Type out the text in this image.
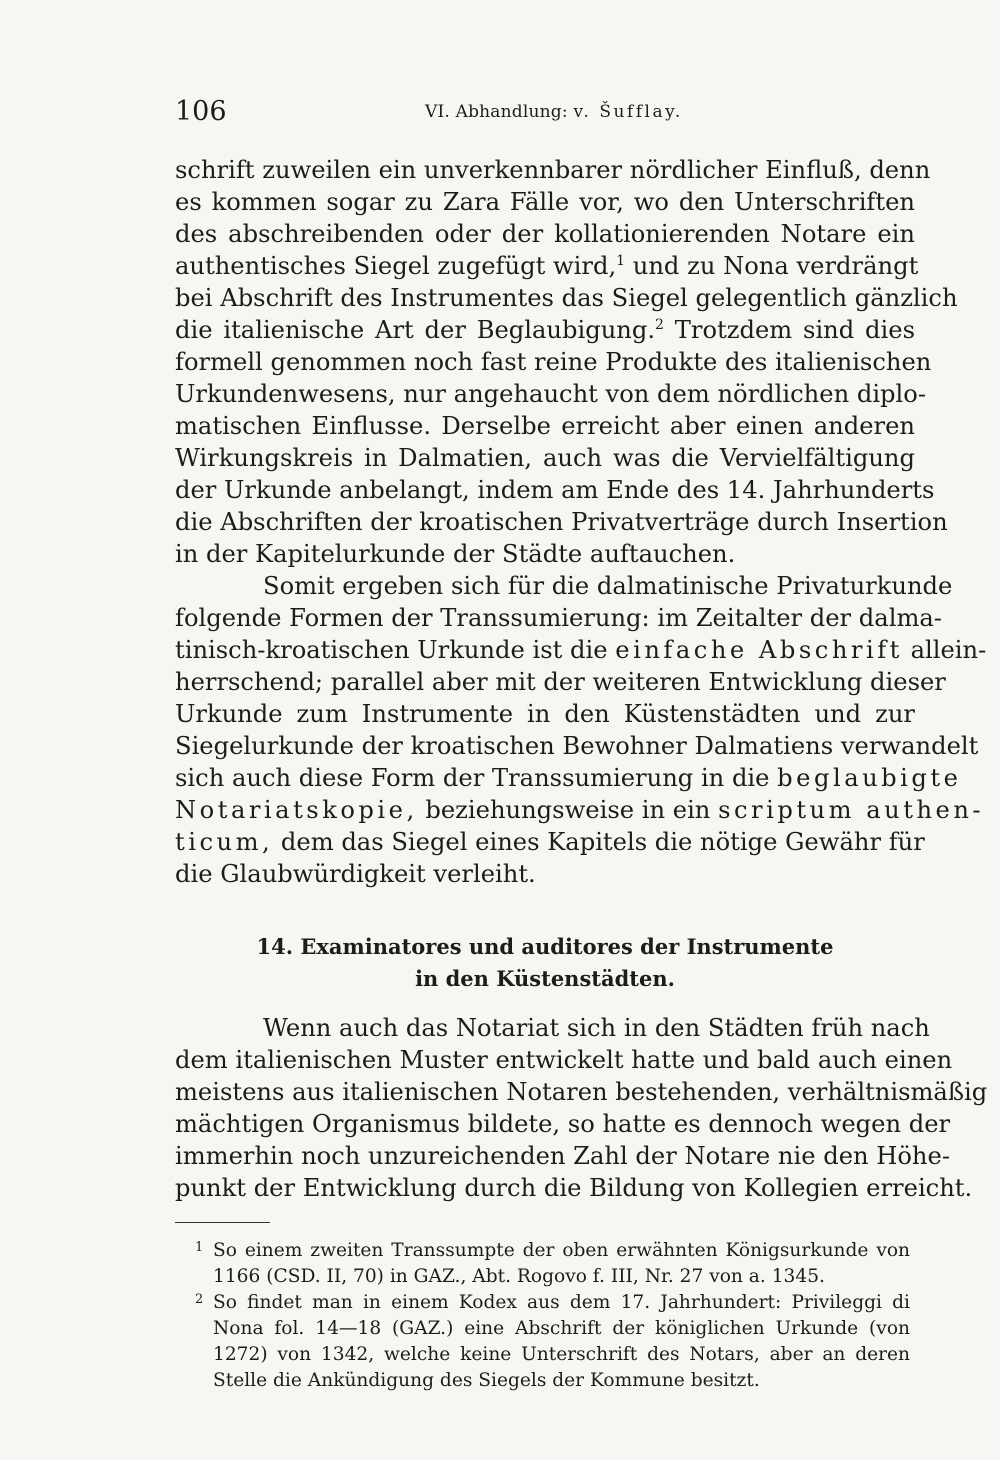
106	VI. Abhandlung: v. Šufflay.
schrift zuweilen ein unverkennbarer nördlicher Einfluß, denn
es kommen sogar zu Zara Fälle vor, wo den Unterschriften
des abschreibenden oder der kollationierenden Notare ein
authentisches Siegel zugefügt wird,$^1$ und zu Nona verdrängt
bei Abschrift des Instrumentes das Siegel gelegentlich gänzlich
die italienische Art der Beglaubigung.$^2$ Trotzdem sind dies
formell genommen noch fast reine Produkte des italienischen
Urkundenwesens, nur angehaucht von dem nördlichen diplo-
matischen Einflusse. Derselbe erreicht aber einen anderen
Wirkungskreis in Dalmatien, auch was die Vervielfältigung
der Urkunde anbelangt, indem am Ende des 14. Jahrhunderts
die Abschriften der kroatischen Privatverträge durch Insertion
in der Kapitelurkunde der Städte auftauchen.
Somit ergeben sich für die dalmatinische Privaturkunde
folgende Formen der Transsumierung: im Zeitalter der dalma-
tinisch-kroatischen Urkunde ist die einfache Abschrift allein-
herrschend; parallel aber mit der weiteren Entwicklung dieser
Urkunde zum Instrumente in den Küstenstädten und zur
Siegelurkunde der kroatischen Bewohner Dalmatiens verwandelt
sich auch diese Form der Transsumierung in die beglaubigte
Notariatskopie, beziehungsweise in ein scriptum authen-
ticum, dem das Siegel eines Kapitels die nötige Gewähr für
die Glaubwürdigkeit verleiht.
14. Examinatores und auditores der Instrumente
in den Küstenstädten.
Wenn auch das Notariat sich in den Städten früh nach
dem italienischen Muster entwickelt hatte und bald auch einen
meistens aus italienischen Notaren bestehenden, verhältnismäßig
mächtigen Organismus bildete, so hatte es dennoch wegen der
immerhin noch unzureichenden Zahl der Notare nie den Höhe-
punkt der Entwicklung durch die Bildung von Kollegien erreicht.
1 So einem zweiten Transsumpte der oben erwähnten Königsurkunde von
1166 (CSD. II, 70) in GAZ., Abt. Rogovo f. III, Nr. 27 von a. 1345.
2 So findet man in einem Kodex aus dem 17. Jahrhundert: Privileggi di
Nona fol. 14—18 (GAZ.) eine Abschrift der königlichen Urkunde (von
1272) von 1342, welche keine Unterschrift des Notars, aber an deren
Stelle die Ankündigung des Siegels der Kommune besitzt.
